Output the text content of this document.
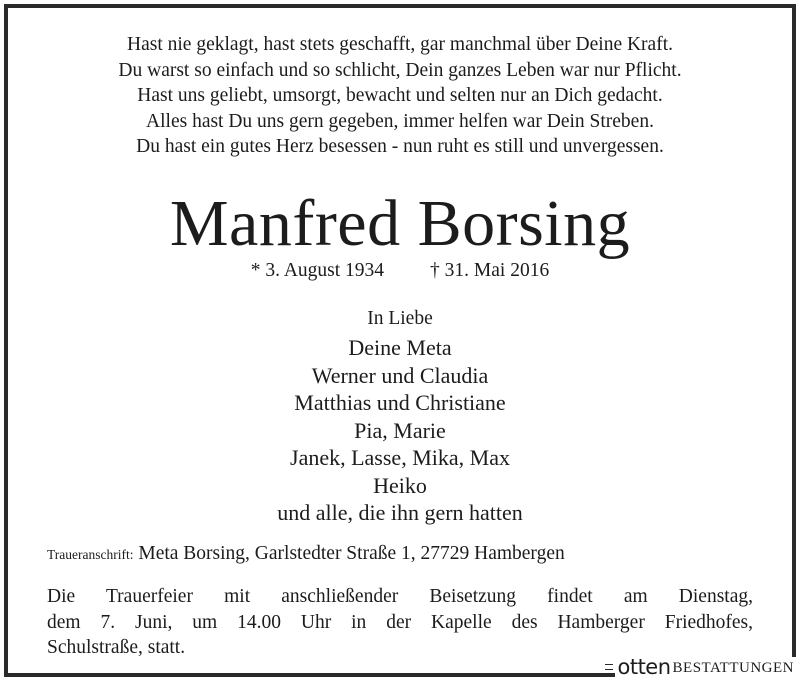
Hast nie geklagt, hast stets geschafft, gar manchmal über Deine Kraft.
Du warst so einfach und so schlicht, Dein ganzes Leben war nur Pflicht.
Hast uns geliebt, umsorgt, bewacht und selten nur an Dich gedacht.
Alles hast Du uns gern gegeben, immer helfen war Dein Streben.
Du hast ein gutes Herz besessen - nun ruht es still und unvergessen.
Manfred Borsing
* 3. August 1934 † 31. Mai 2016
In Liebe
Deine Meta
Werner und Claudia
Matthias und Christiane
Pia, Marie
Janek, Lasse, Mika, Max
Heiko
und alle, die ihn gern hatten
Traueranschrift: Meta Borsing, Garlstedter Straße 1, 27729 Hambergen
Die Trauerfeier mit anschließender Beisetzung findet am Dienstag,
dem 7. Juni, um 14.00 Uhr in der Kapelle des Hamberger Friedhofes,
Schulstraße, statt.
otten BESTATTUNGEN
